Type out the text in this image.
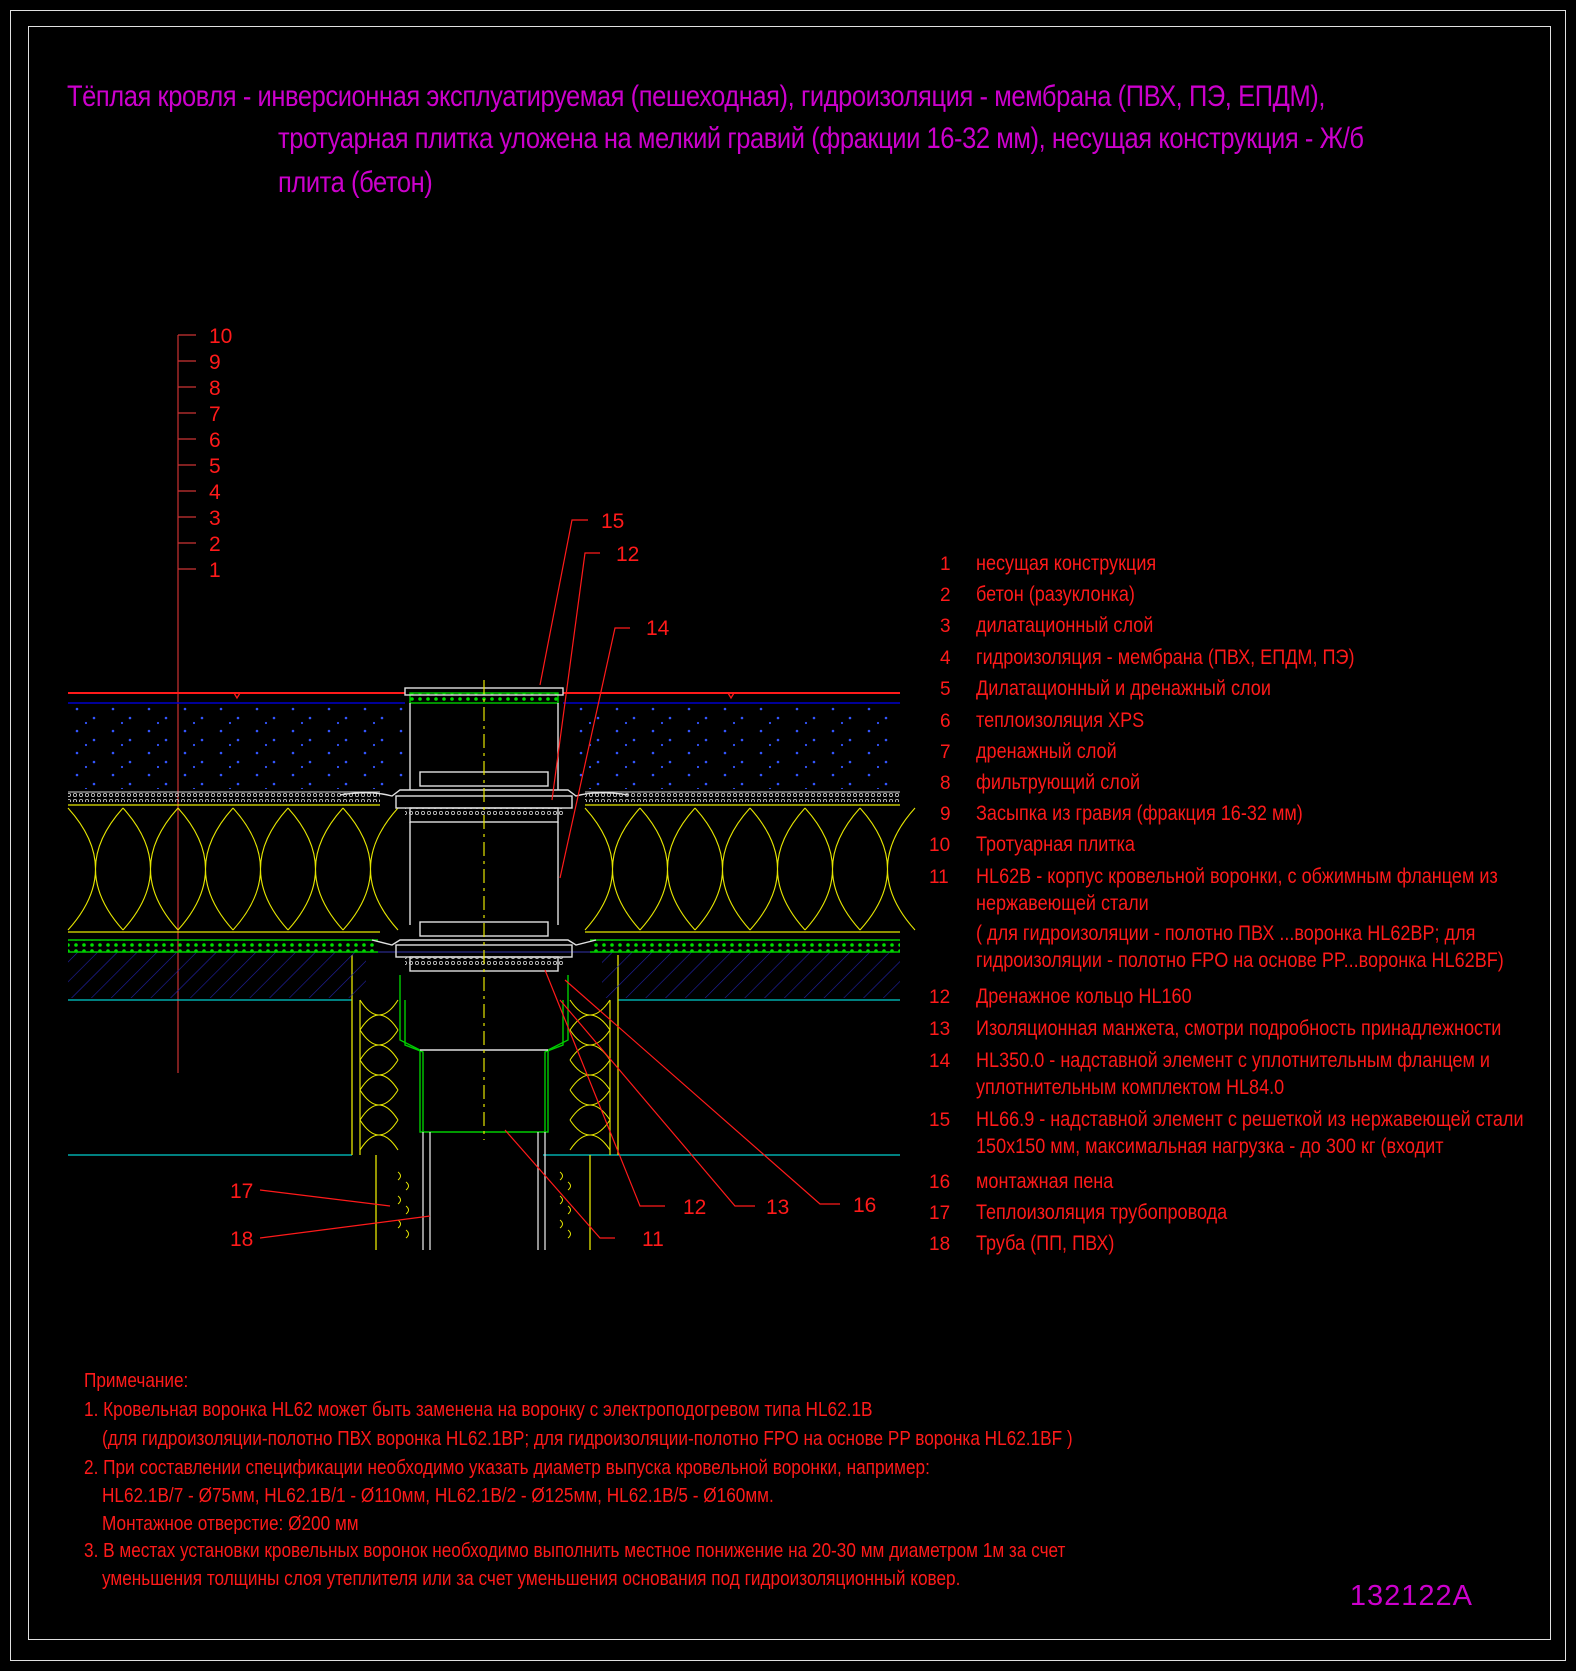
Тёплая кровля - инверсионная эксплуатируемая (пешеходная), гидроизоляция - мембрана (ПВХ, ПЭ, ЕПДМ),
тротуарная плитка уложена на мелкий гравий (фракции 16-32 мм), несущая конструкция - Ж/б
плита (бетон)
10
9
8
7
6
5
4
3
2
1
15
12
14
17
18	11
12	13	16
1 несущая конструкция
2 бетон (разуклонка)
3 дилатационный слой
4 гидроизоляция - мембрана (ПВХ, ЕПДМ, ПЭ)
5 Дилатационный и дренажный слои
6 теплоизоляция XPS
7 дренажный слой
8 фильтрующий слой
9 Засыпка из гравия (фракция 16-32 мм)
10 Тротуарная плитка
11 HL62B - корпус кровельной воронки, с обжимным фланцем из
нержавеющей стали
( для гидроизоляции - полотно ПВХ ...воронка HL62BP; для
гидроизоляции - полотно FPO на основе PP...воронка HL62BF)
12 Дренажное кольцо HL160
13 Изоляционная манжета, смотри подробность принадлежности
14 HL350.0 - надставной элемент с уплотнительным фланцем и
уплотнительным комплектом HL84.0
15 HL66.9 - надставной элемент с решеткой из нержавеющей стали
150x150 мм, максимальная нагрузка - до 300 кг (входит
16 монтажная пена
17 Теплоизоляция трубопровода
18 Труба (ПП, ПВХ)
Примечание:
1. Кровельная воронка HL62 может быть заменена на воронку с электроподогревом типа HL62.1B
(для гидроизоляции-полотно ПВХ воронка HL62.1BP; для гидроизоляции-полотно FPO на основе PP воронка HL62.1BF )
2. При составлении спецификации необходимо указать диаметр выпуска кровельной воронки, например:
HL62.1B/7 - Ø75мм, HL62.1B/1 - Ø110мм, HL62.1B/2 - Ø125мм, HL62.1B/5 - Ø160мм.
Монтажное отверстие: Ø200 мм
3. В местах установки кровельных воронок необходимо выполнить местное понижение на 20-30 мм диаметром 1м за счет
уменьшения толщины слоя утеплителя или за счет уменьшения основания под гидроизоляционный ковер.
132122A
